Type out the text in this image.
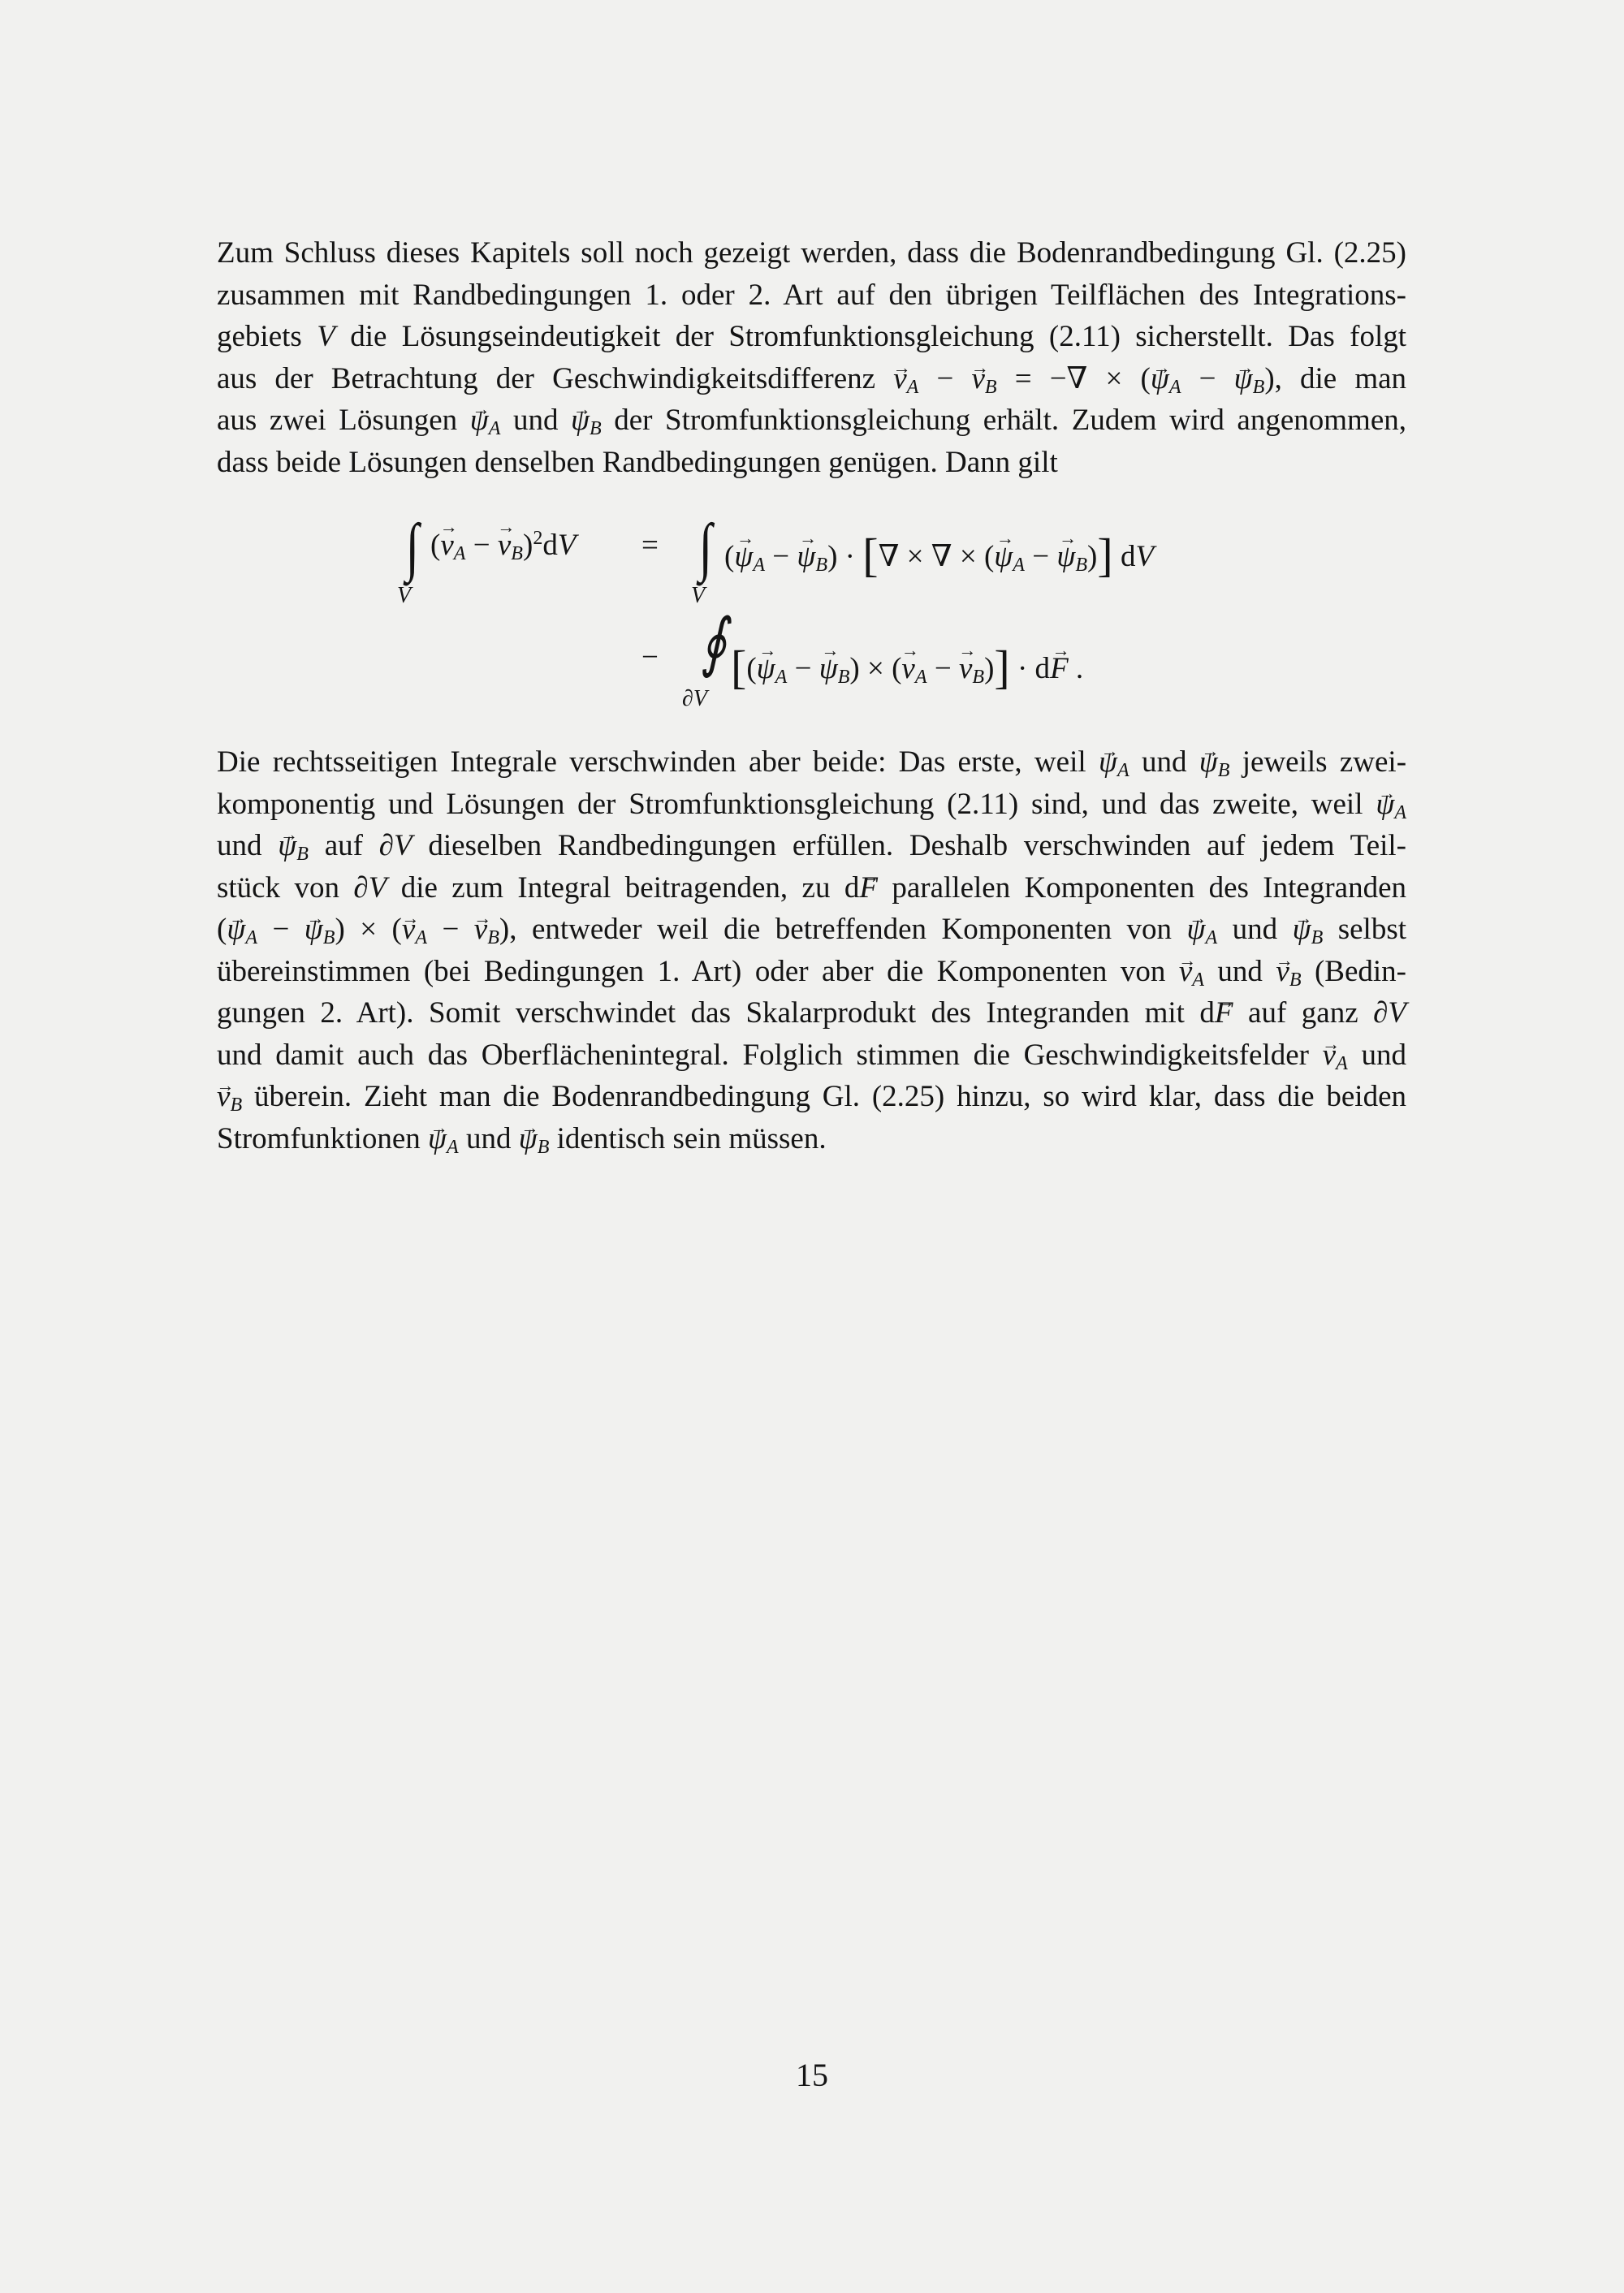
Zum Schluss dieses Kapitels soll noch gezeigt werden, dass die Bodenrandbedingung Gl. (2.25)
zusammen mit Randbedingungen 1. oder 2. Art auf den übrigen Teilflächen des Integrations-
gebiets V die Lösungseindeutigkeit der Stromfunktionsgleichung (2.11) sicherstellt. Das folgt
aus der Betrachtung der Geschwindigkeitsdifferenz → $v_A$ − → $v_B$ = −∇ × (→ $\psi_A$ − → $\psi_B$), die man
aus zwei Lösungen → $\psi_A$ und → $\psi_B$ der Stromfunktionsgleichung erhält. Zudem wird angenommen,
dass beide Lösungen denselben Randbedingungen genügen. Dann gilt

∫
V
(→ $v_A$ − → $v_B)^2dV$ = ∫
V
(→ $\psi_A$ − → $\psi_B$) · [∇ × ∇ × (→ $\psi_A$ − → $\psi_B$)] dV
− ∮
∂V
[(→ $\psi_A$ − → $\psi_B$) × (→ $v_A$ − → $v_B)] \cdot d\to F$ .

Die rechtsseitigen Integrale verschwinden aber beide: Das erste, weil → $\psi_A$ und → $\psi_B$ jeweils zwei-
komponentig und Lösungen der Stromfunktionsgleichung (2.11) sind, und das zweite, weil → $\psi_A$
und → $\psi_B$ auf ∂V dieselben Randbedingungen erfüllen. Deshalb verschwinden auf jedem Teil-
stück von ∂V die zum Integral beitragenden, zu d→ F parallelen Komponenten des Integranden
(→ $\psi_A$ − → $\psi_B$) × (→ $v_A$ − → $v_B$), entweder weil die betreffenden Komponenten von → $\psi_A$ und → $\psi_B$ selbst
übereinstimmen (bei Bedingungen 1. Art) oder aber die Komponenten von → $v_A$ und → $v_B$ (Bedin-
gungen 2. Art). Somit verschwindet das Skalarprodukt des Integranden mit d→ F auf ganz ∂V
und damit auch das Oberflächenintegral. Folglich stimmen die Geschwindigkeitsfelder → $v_A$ und
→ $v_B$ überein. Zieht man die Bodenrandbedingung Gl. (2.25) hinzu, so wird klar, dass die beiden
Stromfunktionen → $\psi_A$ und → $\psi_B$ identisch sein müssen.

15
